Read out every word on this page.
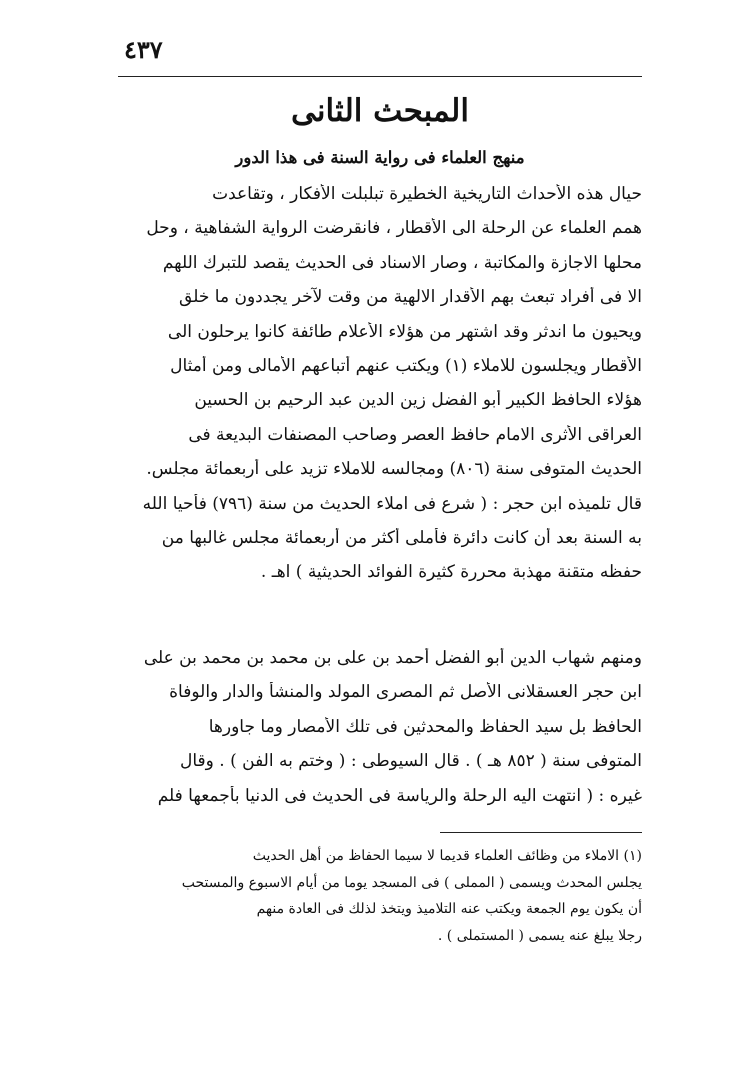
٤٣٧
المبحث الثانى
منهج العلماء فى رواية السنة فى هذا الدور
حيال هذه الأحداث التاريخية الخطيرة تبلبلت الأفكار ، وتقاعدت
همم العلماء عن الرحلة الى الأقطار ، فانقرضت الرواية الشفاهية ، وحل
محلها الاجازة والمكاتبة ، وصار الاسناد فى الحديث يقصد للتبرك اللهم
الا فى أفراد تبعث بهم الأقدار الالهية من وقت لآخر يجددون ما خلق
ويحيون ما اندثر وقد اشتهر من هؤلاء الأعلام طائفة كانوا يرحلون الى
الأقطار ويجلسون للاملاء (١) ويكتب عنهم أتباعهم الأمالى ومن أمثال
هؤلاء الحافظ الكبير أبو الفضل زين الدين عبد الرحيم بن الحسين
العراقى الأثرى الامام حافظ العصر وصاحب المصنفات البديعة فى
الحديث المتوفى سنة (٨٠٦) ومجالسه للاملاء تزيد على أربعمائة مجلس.
قال تلميذه ابن حجر : ( شرع فى املاء الحديث من سنة (٧٩٦) فأحيا الله
به السنة بعد أن كانت دائرة فأملى أكثر من أربعمائة مجلس غالبها من
حفظه متقنة مهذبة محررة كثيرة الفوائد الحديثية ) اهـ .
ومنهم شهاب الدين أبو الفضل أحمد بن على بن محمد بن محمد بن على
ابن حجر العسقلانى الأصل ثم المصرى المولد والمنشأ والدار والوفاة
الحافظ بل سيد الحفاظ والمحدثين فى تلك الأمصار وما جاورها
المتوفى سنة ( ٨٥٢ هـ ) . قال السيوطى : ( وختم به الفن ) . وقال
غيره : ( انتهت اليه الرحلة والرياسة فى الحديث فى الدنيا بأجمعها فلم
(١) الاملاء من وظائف العلماء قديما لا سيما الحفاظ من أهل الحديث
يجلس المحدث ويسمى ( المملى ) فى المسجد يوما من أيام الاسبوع والمستحب
أن يكون يوم الجمعة ويكتب عنه التلاميذ ويتخذ لذلك فى العادة منهم
رجلا يبلغ عنه يسمى ( المستملى ) .
